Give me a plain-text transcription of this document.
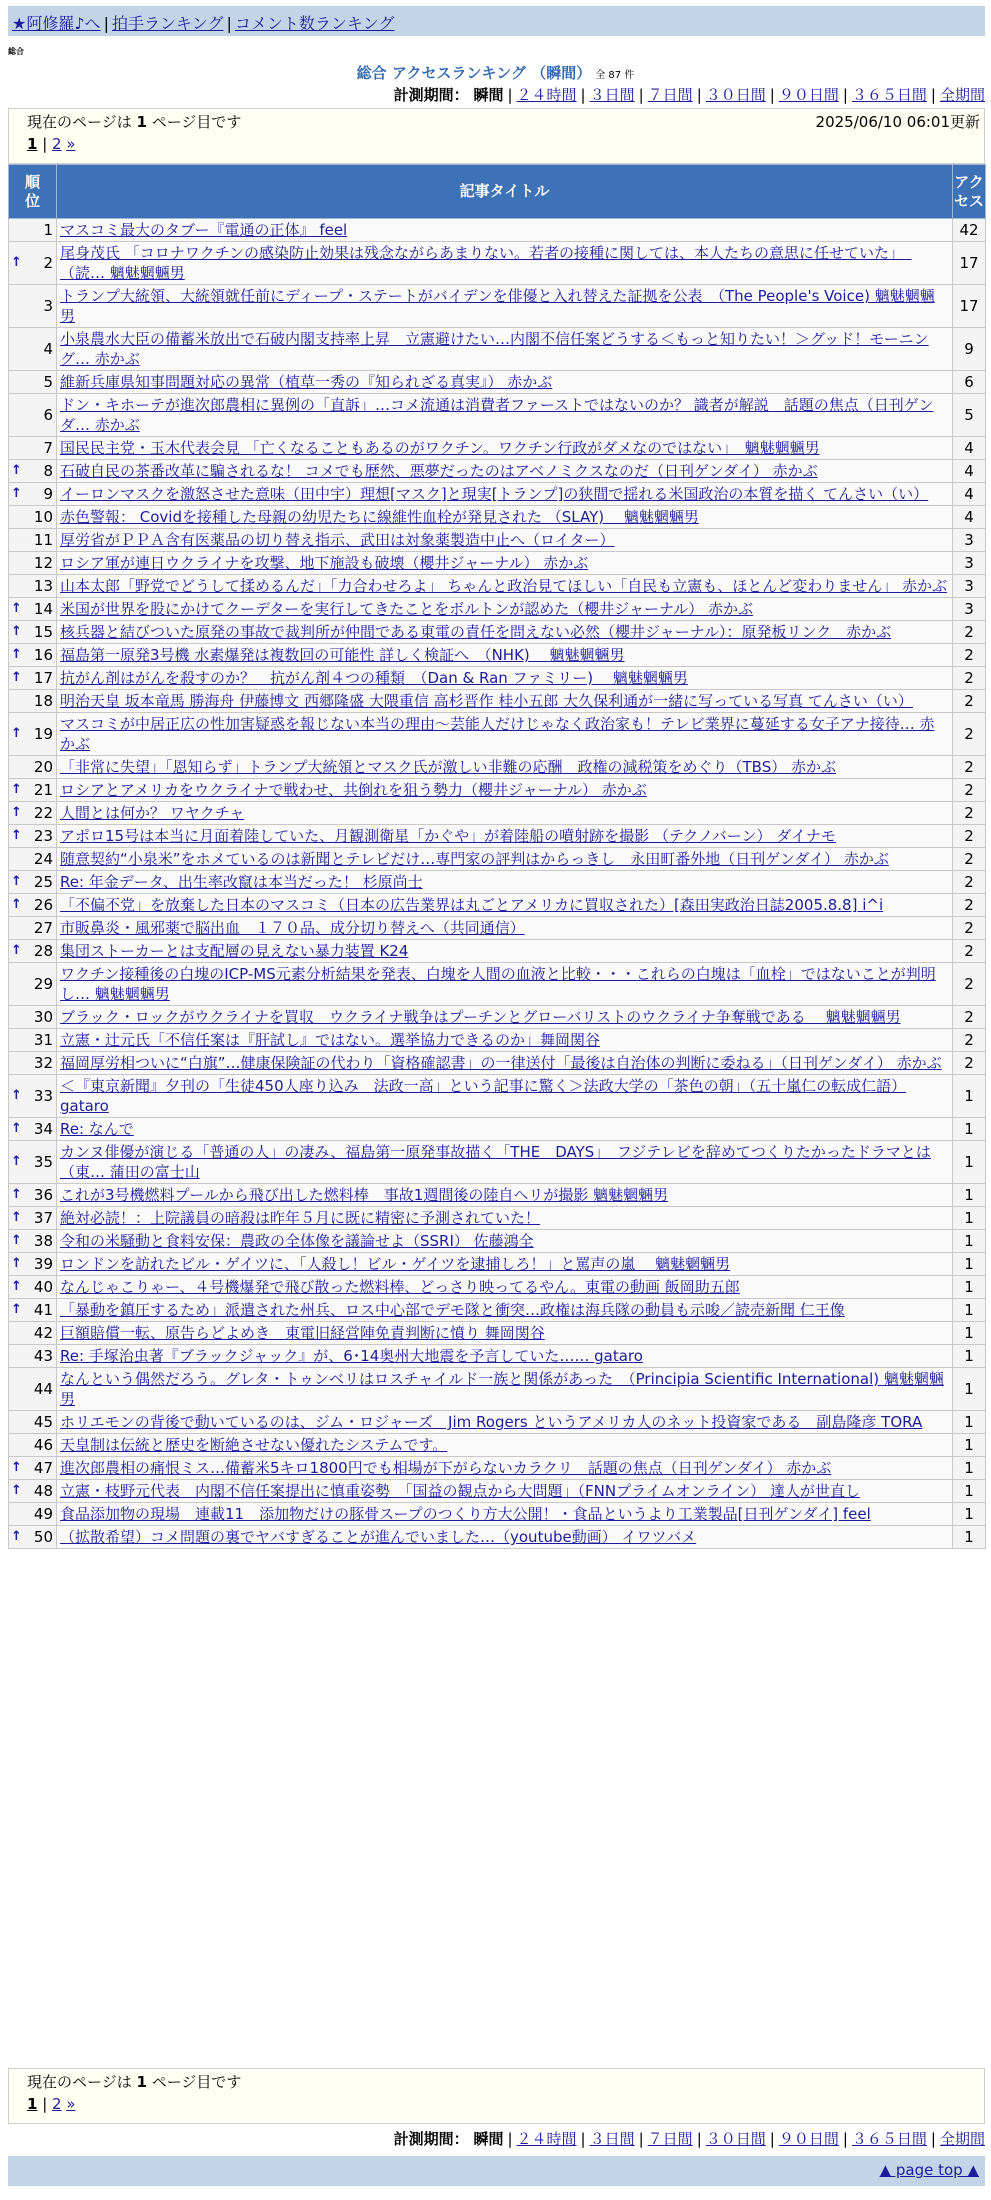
★阿修羅♪へ | 拍手ランキング | コメント数ランキング
総合
総合 アクセスランキング （瞬間） 全 87 件
計測期間： 瞬間 | ２４時間 | ３日間 | ７日間 | ３０日間 | ９０日間 | ３６５日間 | 全期間
現在のページは 1 ページ目です	2025/06/10 06:01更新
1 | 2 »
順位	記事タイトル	アクセス
1	マスコミ最大のタブー『電通の正体』 feel	42

↑ 2	尾身茂氏 「コロナワクチンの感染防止効果は残念ながらあまりない。若者の接種に関しては、本人たちの意思に任せていた」　（読… 魑魅魍魎男	17
3	トランプ大統領、大統領就任前にディープ・ステートがバイデンを俳優と入れ替えた証拠を公表　（The People's Voice) 魑魅魍魎男	17
4	小泉農水大臣の備蓄米放出で石破内閣支持率上昇　立憲避けたい…内閣不信任案どうする＜もっと知りたい！＞グッド！モーニング… 赤かぶ	9
5	維新兵庫県知事問題対応の異常（植草一秀の『知られざる真実』） 赤かぶ	6
6	ドン・キホーテが進次郎農相に異例の「直訴」…コメ流通は消費者ファーストではないのか？ 識者が解説　話題の焦点（日刊ゲンダ… 赤かぶ	5
7	国民民主党・玉木代表会見 「亡くなることもあるのがワクチン。ワクチン行政がダメなのではない」　魑魅魍魎男	4

↑ 8	石破自民の茶番改革に騙されるな！ コメでも歴然、悪夢だったのはアベノミクスなのだ（日刊ゲンダイ） 赤かぶ	4

↑ 9	イーロンマスクを激怒させた意味（田中宇）理想[マスク]と現実[トランプ]の狭間で揺れる米国政治の本質を描く てんさい（い）	4
10	赤色警報： Covidを接種した母親の幼児たちに線維性血栓が発見された （SLAY)　 魑魅魍魎男	4
11	厚労省がＰＰＡ含有医薬品の切り替え指示、武田は対象薬製造中止へ（ロイター）	3
12	ロシア軍が連日ウクライナを攻撃、地下施設も破壊（櫻井ジャーナル） 赤かぶ	3
13	山本太郎「野党でどうして揉めるんだ」「力合わせろよ」 ちゃんと政治見てほしい「自民も立憲も、ほとんど変わりません」 赤かぶ	3

↑ 14	米国が世界を股にかけてクーデターを実行してきたことをボルトンが認めた（櫻井ジャーナル） 赤かぶ	3

↑ 15	核兵器と結びついた原発の事故で裁判所が仲間である東電の責任を問えない必然（櫻井ジャーナル）：原発板リンク　赤かぶ	2

↑ 16	福島第一原発3号機 水素爆発は複数回の可能性 詳しく検証へ　（NHK)　 魑魅魍魎男	2

↑ 17	抗がん剤はがんを殺すのか？　抗がん剤４つの種類　（Dan & Ran ファミリー)　 魑魅魍魎男	2
18	明治天皇 坂本竜馬 勝海舟 伊藤博文 西郷隆盛 大隈重信 高杉晋作 桂小五郎 大久保利通が一緒に写っている写真 てんさい（い）	2

↑ 19	マスコミが中居正広の性加害疑惑を報じない本当の理由〜芸能人だけじゃなく政治家も！テレビ業界に蔓延する女子アナ接待… 赤かぶ	2
20	「非常に失望」「恩知らず」トランプ大統領とマスク氏が激しい非難の応酬　政権の減税策をめぐり（TBS） 赤かぶ	2

↑ 21	ロシアとアメリカをウクライナで戦わせ、共倒れを狙う勢力（櫻井ジャーナル） 赤かぶ	2

↑ 22	人間とは何か？ ワヤクチャ	2

↑ 23	アポロ15号は本当に月面着陸していた、月観測衛星「かぐや」が着陸船の噴射跡を撮影 （テクノバーン） ダイナモ	2
24	随意契約“小泉米”をホメているのは新聞とテレビだけ…専門家の評判はからっきし　永田町番外地（日刊ゲンダイ） 赤かぶ	2

↑ 25	Re: 年金データ、出生率改竄は本当だった！ 杉原尚士	2

↑ 26	「不偏不党」を放棄した日本のマスコミ（日本の広告業界は丸ごとアメリカに買収された）[森田実政治日誌2005.8.8] i^i	2
27	市販鼻炎・風邪薬で脳出血　１７０品、成分切り替えへ（共同通信）	2

↑ 28	集団ストーカーとは支配層の見えない暴力装置 K24	2
29	ワクチン接種後の白塊のICP-MS元素分析結果を発表、白塊を人間の血液と比較・・・これらの白塊は「血栓」ではないことが判明し… 魑魅魍魎男	2
30	ブラック・ロックがウクライナを買収　ウクライナ戦争はプーチンとグローバリストのウクライナ争奪戦である　 魑魅魍魎男	2
31	立憲・辻元氏「不信任案は『肝試し』ではない。選挙協力できるのか」舞岡関谷	2
32	福岡厚労相ついに“白旗”…健康保険証の代わり「資格確認書」の一律送付「最後は自治体の判断に委ねる」（日刊ゲンダイ） 赤かぶ	2

↑ 33	＜『東京新聞』夕刊の「生徒450人座り込み　法政一高」という記事に驚く＞法政大学の「茶色の朝」（五十嵐仁の転成仁語） gataro	1

↑ 34	Re: なんで	1

↑ 35	カンヌ俳優が演じる「普通の人」の凄み、福島第一原発事故描く「THE　DAYS」　フジテレビを辞めてつくりたかったドラマとは（東… 蒲田の富士山	1

↑ 36	これが3号機燃料プールから飛び出した燃料棒　事故1週間後の陸自ヘリが撮影 魑魅魍魎男	1

↑ 37	絶対必読！：上院議員の暗殺は昨年５月に既に精密に予測されていた！	1

↑ 38	令和の米騒動と食料安保：農政の全体像を議論せよ（SSRI） 佐藤鴻全	1

↑ 39	ロンドンを訪れたビル・ゲイツに、「人殺し！ビル・ゲイツを逮捕しろ！」と罵声の嵐　 魑魅魍魎男	1

↑ 40	なんじゃこりゃー、４号機爆発で飛び散った燃料棒、どっさり映ってるやん。東電の動画 飯岡助五郎	1

↑ 41	「暴動を鎮圧するため」派遣された州兵、ロス中心部でデモ隊と衝突…政権は海兵隊の動員も示唆／読売新聞 仁王像	1
42	巨額賠償一転、原告らどよめき　東電旧経営陣免責判断に憤り 舞岡関谷	1
43	Re: 手塚治虫著『ブラックジャック』が、6･14奥州大地震を予言していた…… gataro	1
44	なんという偶然だろう。グレタ・トゥンベリはロスチャイルド一族と関係があった　（Principia Scientific International) 魑魅魍魎男	1
45	ホリエモンの背後で動いているのは、ジム・ロジャーズ　Jim Rogers というアメリカ人のネット投資家である　副島隆彦 TORA	1
46	天皇制は伝統と歴史を断絶させない優れたシステムです。	1

↑ 47	進次郎農相の痛恨ミス…備蓄米5キロ1800円でも相場が下がらないカラクリ　話題の焦点（日刊ゲンダイ） 赤かぶ	1

↑ 48	立憲・枝野元代表　内閣不信任案提出に慎重姿勢　「国益の観点から大問題」（FNNプライムオンライン） 達人が世直し	1
49	食品添加物の現場　連載11　添加物だけの豚骨スープのつくり方大公開！・食品というより工業製品[日刊ゲンダイ] feel	1

↑ 50	（拡散希望）コメ問題の裏でヤバすぎることが進んでいました…（youtube動画） イワツバメ	1
現在のページは 1 ページ目です
1 | 2 »
計測期間： 瞬間 | ２４時間 | ３日間 | ７日間 | ３０日間 | ９０日間 | ３６５日間 | 全期間
▲ page top ▲
